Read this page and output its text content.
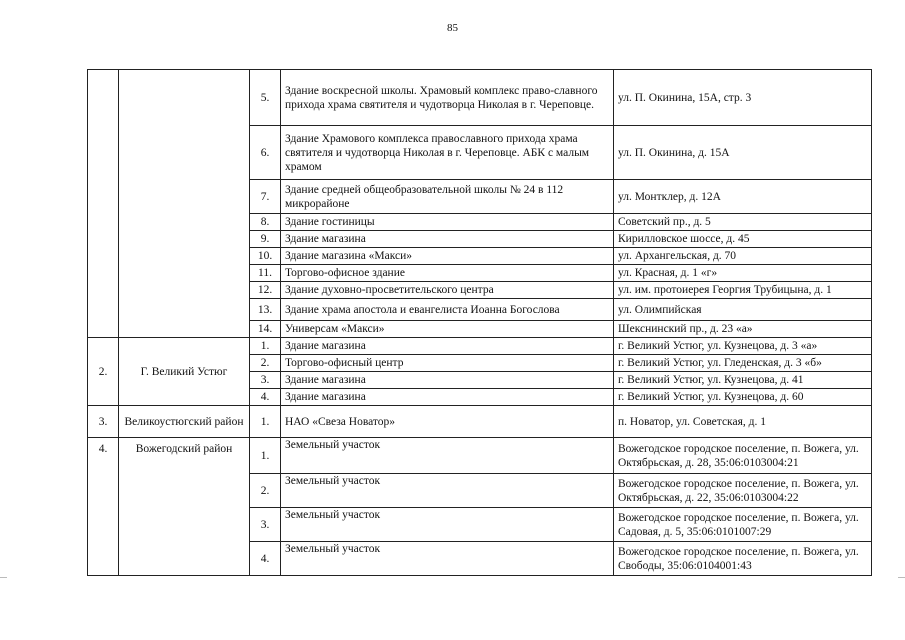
85
		5.	Здание воскресной школы. Храмовый комплекс право-славного прихода храма святителя и чудотворца Николая в г. Череповце.	ул. П. Окинина, 15А, стр. 3
		6.	Здание Храмового комплекса православного прихода храма святителя и чудотворца Николая в г. Череповце. АБК с малым храмом	ул. П. Окинина, д. 15А
		7.	Здание средней общеобразовательной школы № 24 в 112 микрорайоне	ул. Монтклер, д. 12А
		8.	Здание гостиницы	Советский пр., д. 5
		9.	Здание магазина	Кирилловское шоссе, д. 45
		10.	Здание магазина «Макси»	ул. Архангельская, д. 70
		11.	Торгово-офисное здание	ул. Красная, д. 1 «г»
		12.	Здание духовно-просветительского центра	ул. им. протоиерея Георгия Трубицына, д. 1
		13.	Здание храма апостола и евангелиста Иоанна Богослова	ул. Олимпийская
		14.	Универсам «Макси»	Шекснинский пр., д. 23 «а»
2.	Г. Великий Устюг	1.	Здание магазина	г. Великий Устюг, ул. Кузнецова, д. 3 «а»
		2.	Торгово-офисный центр	г. Великий Устюг, ул. Гледенская, д. 3 «б»
		3.	Здание магазина	г. Великий Устюг, ул. Кузнецова, д. 41
		4.	Здание магазина	г. Великий Устюг, ул. Кузнецова, д. 60
3.	Великоустюгский район	1.	НАО «Свеза Новатор»	п. Новатор, ул. Советская, д. 1
4.	Вожегодский район	1.	Земельный участок	Вожегодское городское поселение, п. Вожега, ул. Октябрьская, д. 28, 35:06:0103004:21
		2.	Земельный участок	Вожегодское городское поселение, п. Вожега, ул. Октябрьская, д. 22, 35:06:0103004:22
		3.	Земельный участок	Вожегодское городское поселение, п. Вожега, ул. Садовая, д. 5, 35:06:0101007:29
		4.	Земельный участок	Вожегодское городское поселение, п. Вожега, ул. Свободы, 35:06:0104001:43
